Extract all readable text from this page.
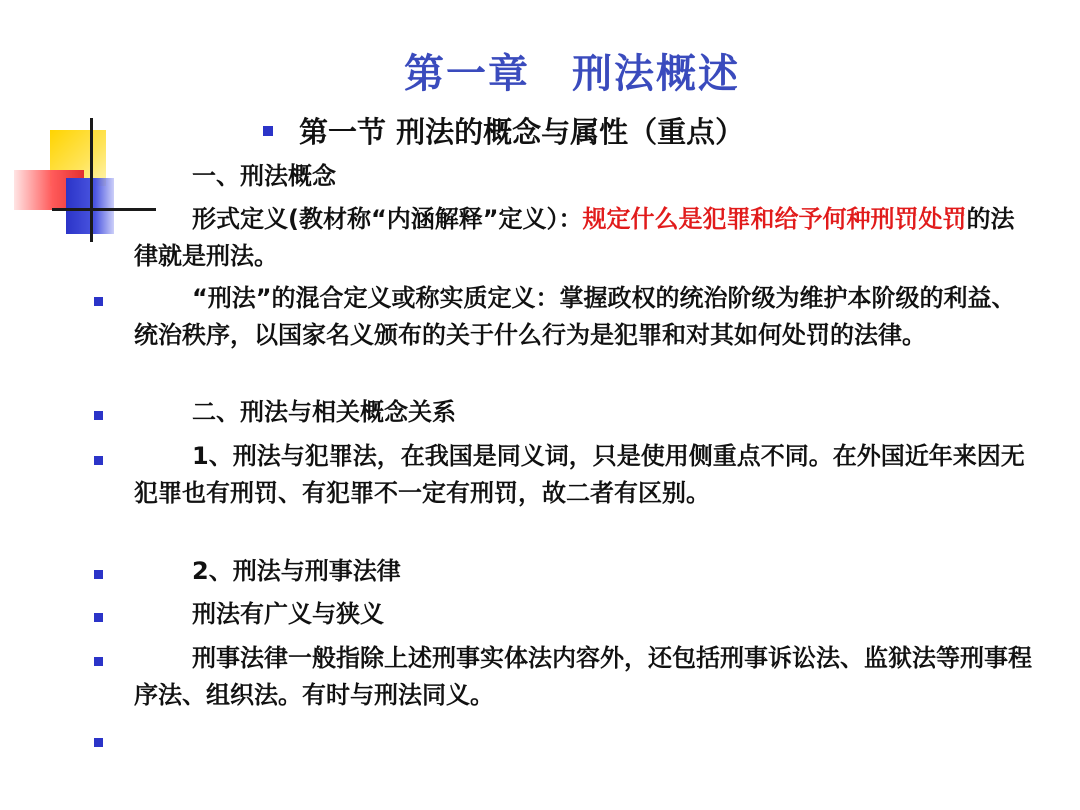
第一章　刑法概述
第一节 刑法的概念与属性（重点）

一、刑法概念

形式定义(教材称“内涵解释”定义）：规定什么是犯罪和给予何种刑罚处罚的法律就是刑法。

“刑法”的混合定义或称实质定义：掌握政权的统治阶级为维护本阶级的利益、统治秩序，以国家名义颁布的关于什么行为是犯罪和对其如何处罚的法律。

二、刑法与相关概念关系

1、刑法与犯罪法，在我国是同义词，只是使用侧重点不同。在外国近年来因无犯罪也有刑罚、有犯罪不一定有刑罚，故二者有区别。

2、刑法与刑事法律

刑法有广义与狭义

刑事法律一般指除上述刑事实体法内容外，还包括刑事诉讼法、监狱法等刑事程序法、组织法。有时与刑法同义。
